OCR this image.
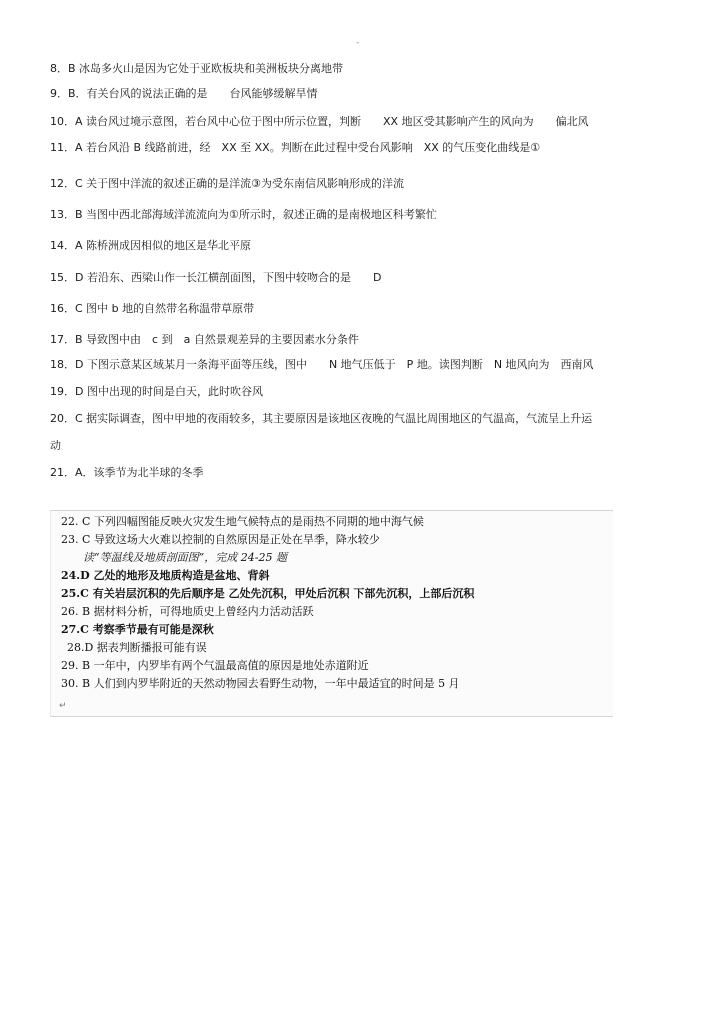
-
8．B 冰岛多火山是因为它处于亚欧板块和美洲板块分离地带
9．B．有关台风的说法正确的是　　台风能够缓解旱情
10．A 读台风过境示意图，若台风中心位于图中所示位置，判断　　XX 地区受其影响产生的风向为　　偏北风
11．A 若台风沿 B 线路前进，经　XX 至 XX。判断在此过程中受台风影响　XX 的气压变化曲线是①
12．C 关于图中洋流的叙述正确的是洋流③为受东南信风影响形成的洋流
13．B 当图中西北部海域洋流流向为①所示时，叙述正确的是南极地区科考繁忙
14．A 陈桥洲成因相似的地区是华北平原
15．D 若沿东、西梁山作一长江横剖面图，下图中较吻合的是　　D
16．C 图中 b 地的自然带名称温带草原带
17．B 导致图中由　c 到　a 自然景观差异的主要因素水分条件
18．D 下图示意某区域某月一条海平面等压线，图中　　N 地气压低于　P 地。读图判断　N 地风向为　西南风
19．D 图中出现的时间是白天，此时吹谷风
20．C 据实际调查，图中甲地的夜雨较多，其主要原因是该地区夜晚的气温比周围地区的气温高，气流呈上升运
动
21．A．该季节为北半球的冬季
22. C 下列四幅图能反映火灾发生地气候特点的是雨热不同期的地中海气候
23. C 导致这场大火难以控制的自然原因是正处在旱季，降水较少
读“等温线及地质剖面图”，完成 24-25 题
24.D 乙处的地形及地质构造是盆地、背斜
25.C 有关岩层沉积的先后顺序是 乙处先沉积，甲处后沉积 下部先沉积，上部后沉积
26. B 据材料分析，可得地质史上曾经内力活动活跃
27.C 考察季节最有可能是深秋
28.D 据表判断播报可能有误
29. B 一年中，内罗毕有两个气温最高值的原因是地处赤道附近
30. B 人们到内罗毕附近的天然动物园去看野生动物，一年中最适宜的时间是 5 月
↵
